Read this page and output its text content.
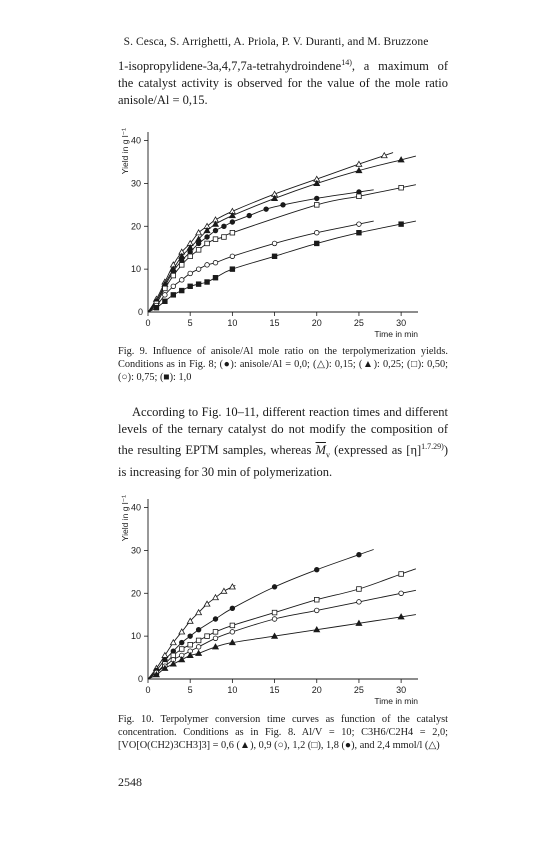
S. Cesca, S. Arrighetti, A. Priola, P. V. Duranti, and M. Bruzzone

1-isopropylidene-3a,4,7,7a-tetrahydroindene$^{14)}$, a maximum of the catalyst activity is observed for the value of the mole ratio anisole/Al = 0,15.

0	5	10	15	20	25	30
0
10
20
30
40
Time in min
Yield in g l⁻¹

Fig. 9. Influence of anisole/Al mole ratio on the terpolymerization yields. Conditions as in Fig. 8; (●): anisole/Al = 0,0; (△): 0,15; (▲): 0,25; (□): 0,50; (○): 0,75; (■): 1,0

According to Fig. 10–11, different reaction times and different levels of the ternary catalyst do not modify the composition of the resulting EPTM samples, whereas $\overline{M}_v$ (expressed as $[\eta]^{1.7.29)}$) is increasing for 30 min of polymerization.

0	5	10	15	20	25	30
0
10
20
30
40
Time in min
Yield in g l⁻¹

Fig. 10. Terpolymer conversion time curves as function of the catalyst concentration. Conditions as in Fig. 8. Al/V = 10; C3H6/C2H4 = 2,0; [VO[O(CH2)3CH3]3] = 0,6 (▲), 0,9 (○), 1,2 (□), 1,8 (●), and 2,4 mmol/l (△)

2548
